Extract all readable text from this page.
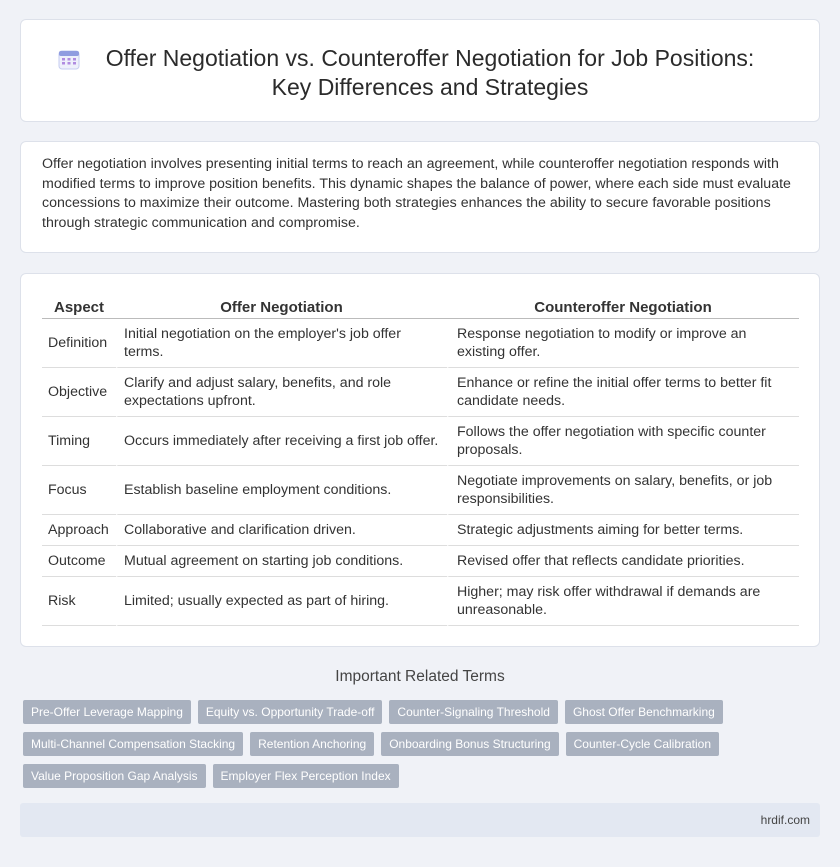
Offer Negotiation vs. Counteroffer Negotiation for Job Positions:
Key Differences and Strategies

Offer negotiation involves presenting initial terms to reach an agreement, while counteroffer negotiation responds with modified terms to improve position benefits. This dynamic shapes the balance of power, where each side must evaluate concessions to maximize their outcome. Mastering both strategies enhances the ability to secure favorable positions through strategic communication and compromise.

Aspect	Offer Negotiation	Counteroffer Negotiation
Definition	Initial negotiation on the employer's job offer terms.	Response negotiation to modify or improve an existing offer.
Objective	Clarify and adjust salary, benefits, and role expectations upfront.	Enhance or refine the initial offer terms to better fit candidate needs.
Timing	Occurs immediately after receiving a first job offer.	Follows the offer negotiation with specific counter proposals.
Focus	Establish baseline employment conditions.	Negotiate improvements on salary, benefits, or job responsibilities.
Approach	Collaborative and clarification driven.	Strategic adjustments aiming for better terms.
Outcome	Mutual agreement on starting job conditions.	Revised offer that reflects candidate priorities.
Risk	Limited; usually expected as part of hiring.	Higher; may risk offer withdrawal if demands are unreasonable.
Important Related Terms
Pre-Offer Leverage Mapping	Equity vs. Opportunity Trade-off	Counter-Signaling Threshold	Ghost Offer Benchmarking
Multi-Channel Compensation Stacking	Retention Anchoring	Onboarding Bonus Structuring	Counter-Cycle Calibration
Value Proposition Gap Analysis	Employer Flex Perception Index
hrdif.com
